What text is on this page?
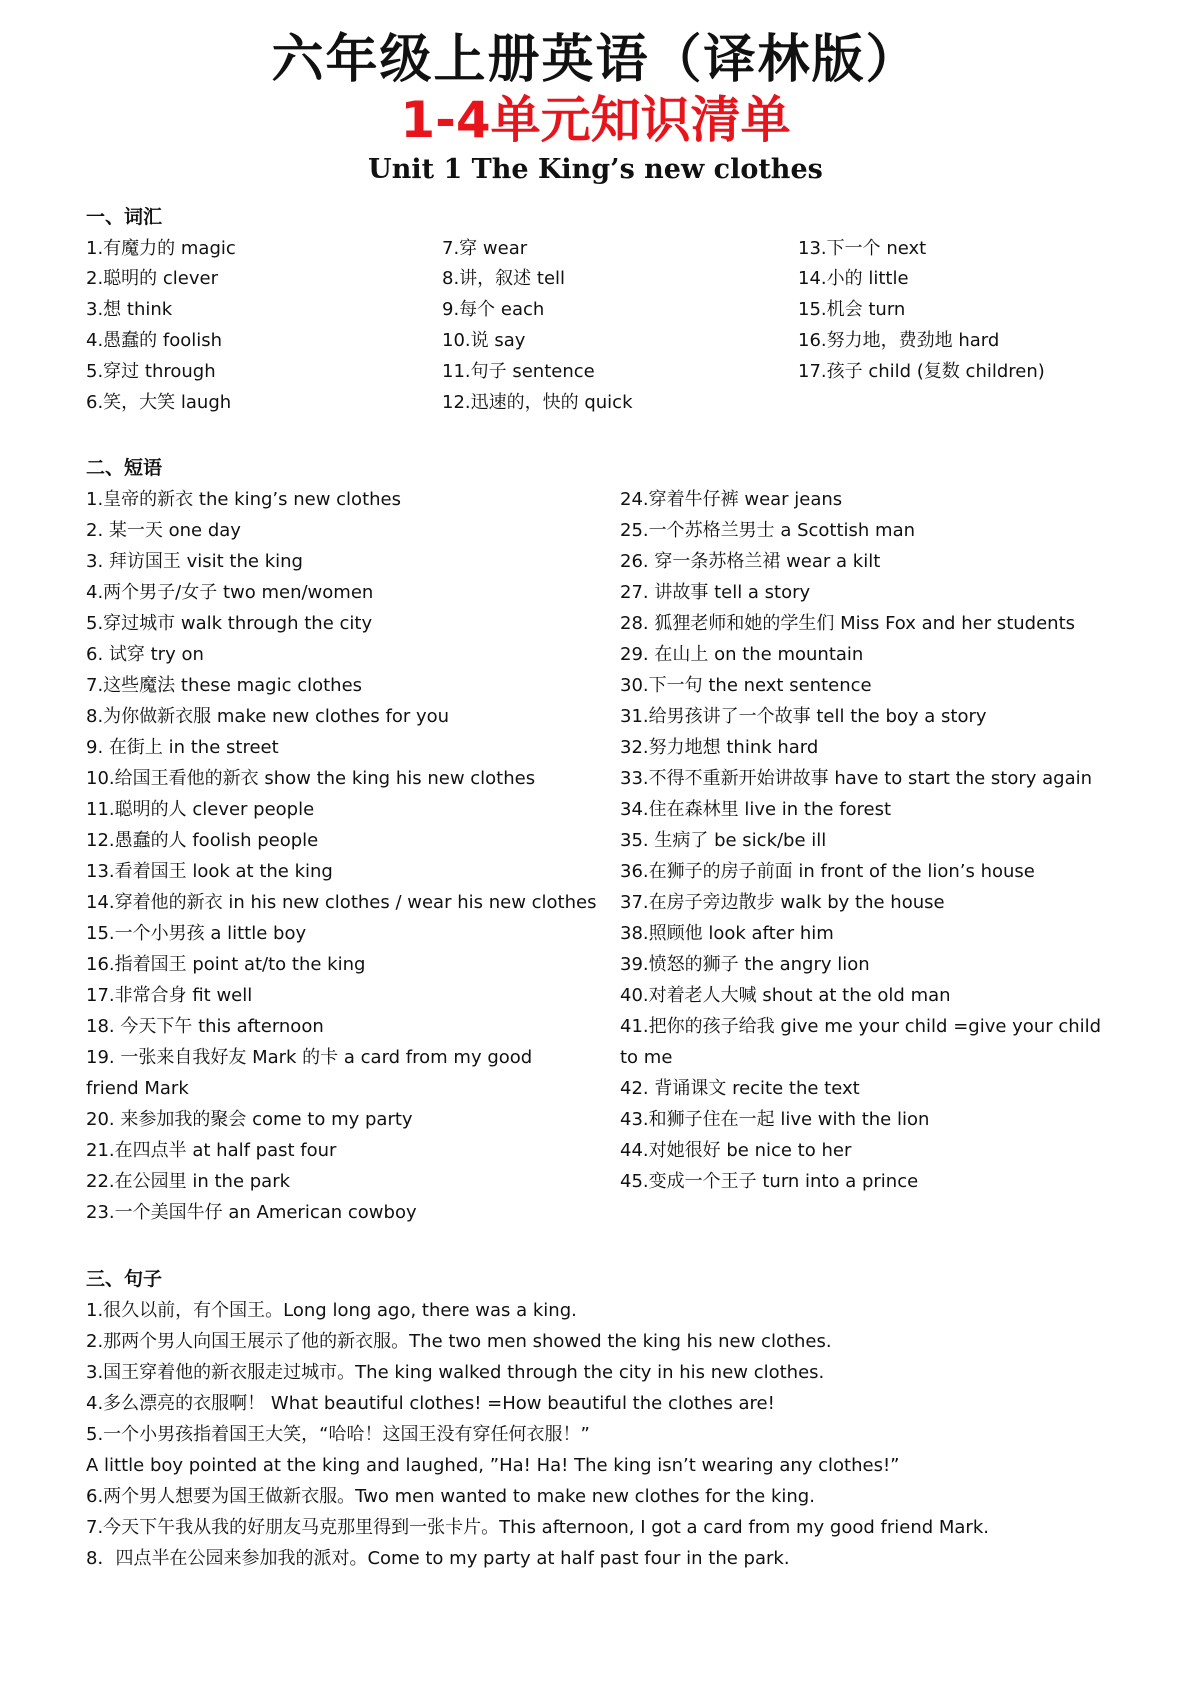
六年级上册英语（译林版）
1-4单元知识清单
Unit 1 The King’s new clothes
一、词汇
1.有魔力的 magic
2.聪明的 clever
3.想 think
4.愚蠢的 foolish
5.穿过 through
6.笑，大笑 laugh
7.穿 wear
8.讲，叙述 tell
9.每个 each
10.说 say
11.句子 sentence
12.迅速的，快的 quick
13.下一个 next
14.小的 little
15.机会 turn
16.努力地，费劲地 hard
17.孩子 child (复数 children)
二、短语
1.皇帝的新衣 the king’s new clothes
2. 某一天 one day
3. 拜访国王 visit the king
4.两个男子/女子 two men/women
5.穿过城市 walk through the city
6. 试穿 try on
7.这些魔法 these magic clothes
8.为你做新衣服 make new clothes for you
9. 在街上 in the street
10.给国王看他的新衣 show the king his new clothes
11.聪明的人 clever people
12.愚蠢的人 foolish people
13.看着国王 look at the king
14.穿着他的新衣 in his new clothes / wear his new clothes
15.一个小男孩 a little boy
16.指着国王 point at/to the king
17.非常合身 fit well
18. 今天下午 this afternoon
19. 一张来自我好友 Mark 的卡 a card from my good
friend Mark
20. 来参加我的聚会 come to my party
21.在四点半 at half past four
22.在公园里 in the park
23.一个美国牛仔 an American cowboy
24.穿着牛仔裤 wear jeans
25.一个苏格兰男士 a Scottish man
26. 穿一条苏格兰裙 wear a kilt
27. 讲故事 tell a story
28. 狐狸老师和她的学生们 Miss Fox and her students
29. 在山上 on the mountain
30.下一句 the next sentence
31.给男孩讲了一个故事 tell the boy a story
32.努力地想 think hard
33.不得不重新开始讲故事 have to start the story again
34.住在森林里 live in the forest
35. 生病了 be sick/be ill
36.在狮子的房子前面 in front of the lion’s house
37.在房子旁边散步 walk by the house
38.照顾他 look after him
39.愤怒的狮子 the angry lion
40.对着老人大喊 shout at the old man
41.把你的孩子给我 give me your child =give your child
to me
42. 背诵课文 recite the text
43.和狮子住在一起 live with the lion
44.对她很好 be nice to her
45.变成一个王子 turn into a prince
三、句子
1.很久以前，有个国王。Long long ago, there was a king.
2.那两个男人向国王展示了他的新衣服。The two men showed the king his new clothes.
3.国王穿着他的新衣服走过城市。The king walked through the city in his new clothes.
4.多么漂亮的衣服啊！ What beautiful clothes! =How beautiful the clothes are!
5.一个小男孩指着国王大笑，“哈哈！这国王没有穿任何衣服！”
A little boy pointed at the king and laughed, ”Ha! Ha! The king isn’t wearing any clothes!”
6.两个男人想要为国王做新衣服。Two men wanted to make new clothes for the king.
7.今天下午我从我的好朋友马克那里得到一张卡片。This afternoon, I got a card from my good friend Mark.
8．四点半在公园来参加我的派对。Come to my party at half past four in the park.
